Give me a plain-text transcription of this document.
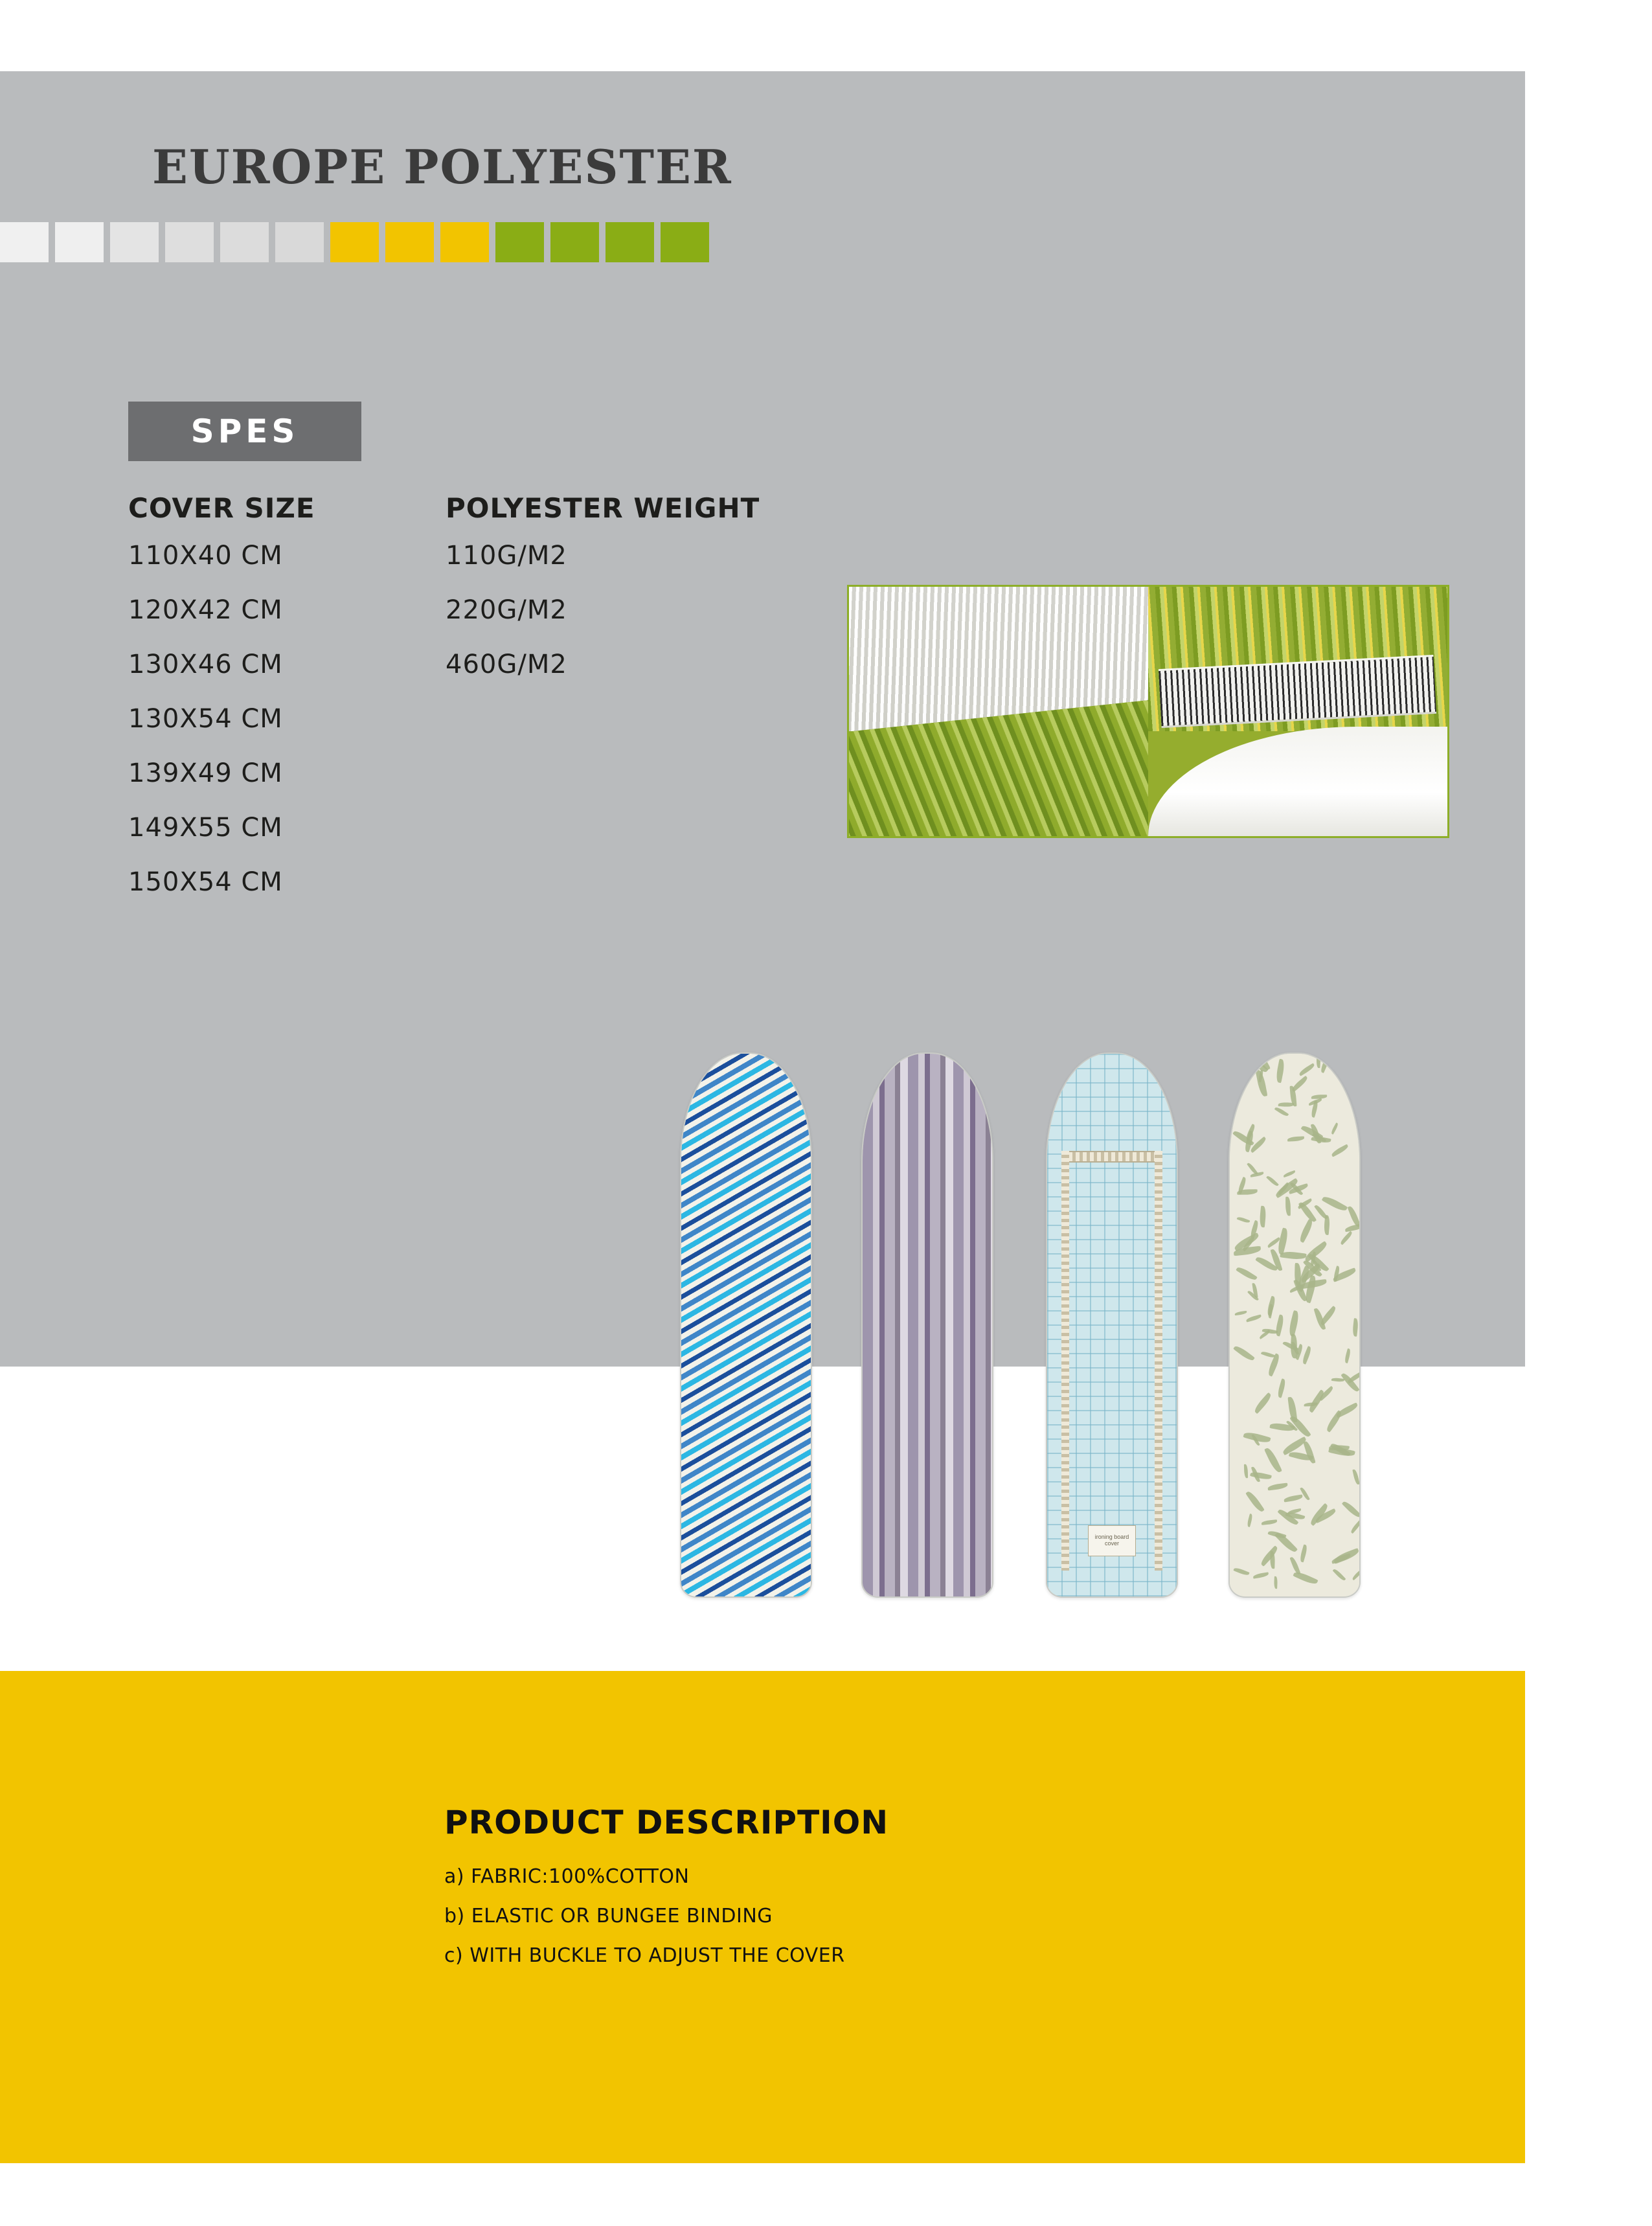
EUROPE POLYESTER
SPES
COVER SIZE	POLYESTER WEIGHT
110X40 CM	110G/M2
120X42 CM	220G/M2
130X46 CM	460G/M2
130X54 CM
139X49 CM
149X55 CM
150X54 CM
ironing board cover
PRODUCT DESCRIPTION
a) FABRIC:100%COTTON
b) ELASTIC OR BUNGEE BINDING
c) WITH BUCKLE TO ADJUST THE COVER
